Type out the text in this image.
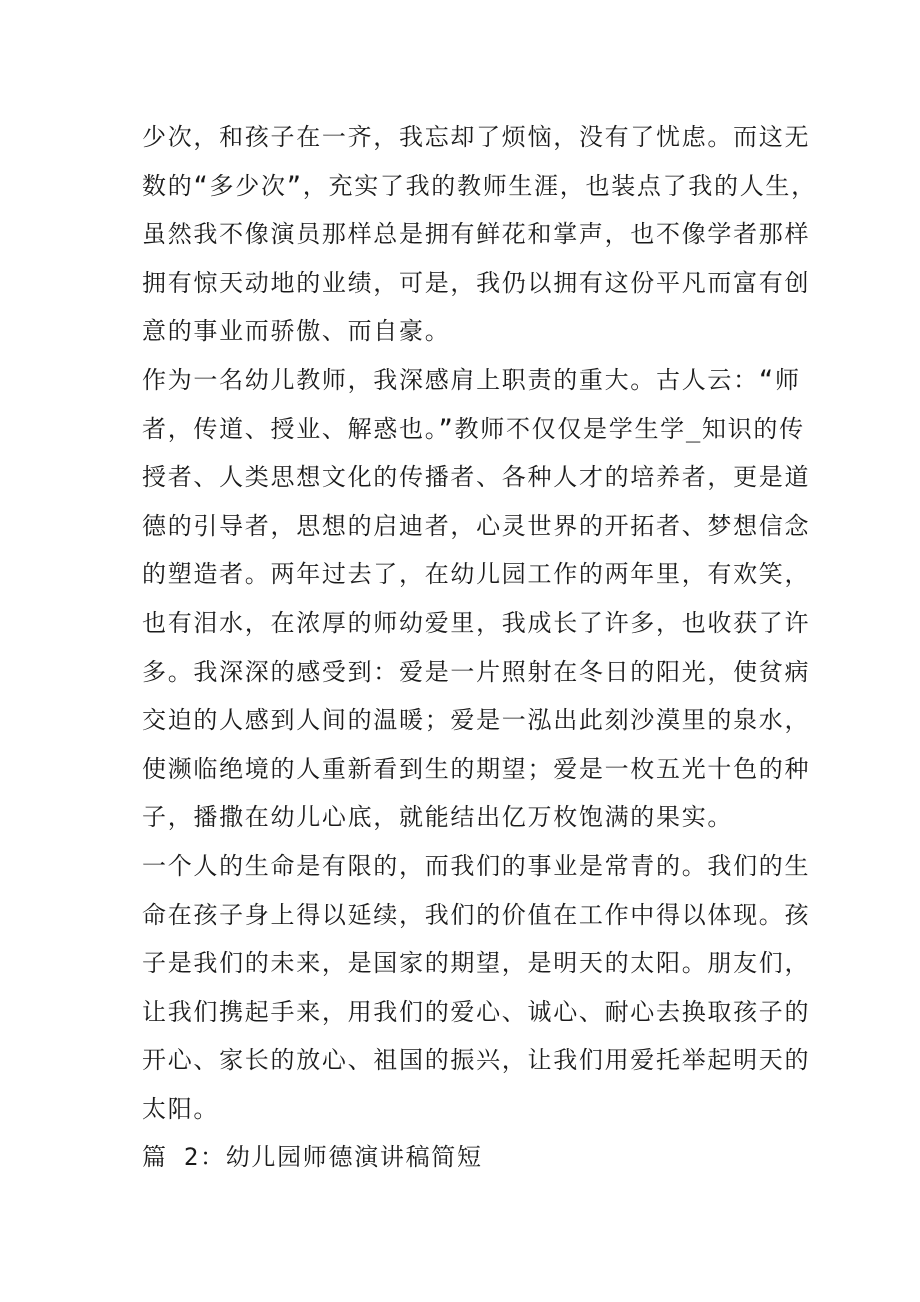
少次，和孩子在一齐，我忘却了烦恼，没有了忧虑。而这无
数的“多少次”，充实了我的教师生涯，也装点了我的人生，
虽然我不像演员那样总是拥有鲜花和掌声，也不像学者那样
拥有惊天动地的业绩，可是，我仍以拥有这份平凡而富有创
意的事业而骄傲、而自豪。
作为一名幼儿教师，我深感肩上职责的重大。古人云：“师
者，传道、授业、解惑也。”教师不仅仅是学生学_知识的传
授者、人类思想文化的传播者、各种人才的培养者，更是道
德的引导者，思想的启迪者，心灵世界的开拓者、梦想信念
的塑造者。两年过去了，在幼儿园工作的两年里，有欢笑，
也有泪水，在浓厚的师幼爱里，我成长了许多，也收获了许
多。我深深的感受到：爱是一片照射在冬日的阳光，使贫病
交迫的人感到人间的温暖；爱是一泓出此刻沙漠里的泉水，
使濒临绝境的人重新看到生的期望；爱是一枚五光十色的种
子，播撒在幼儿心底，就能结出亿万枚饱满的果实。
一个人的生命是有限的，而我们的事业是常青的。我们的生
命在孩子身上得以延续，我们的价值在工作中得以体现。孩
子是我们的未来，是国家的期望，是明天的太阳。朋友们，
让我们携起手来，用我们的爱心、诚心、耐心去换取孩子的
开心、家长的放心、祖国的振兴，让我们用爱托举起明天的
太阳。
篇 2：幼儿园师德演讲稿简短
